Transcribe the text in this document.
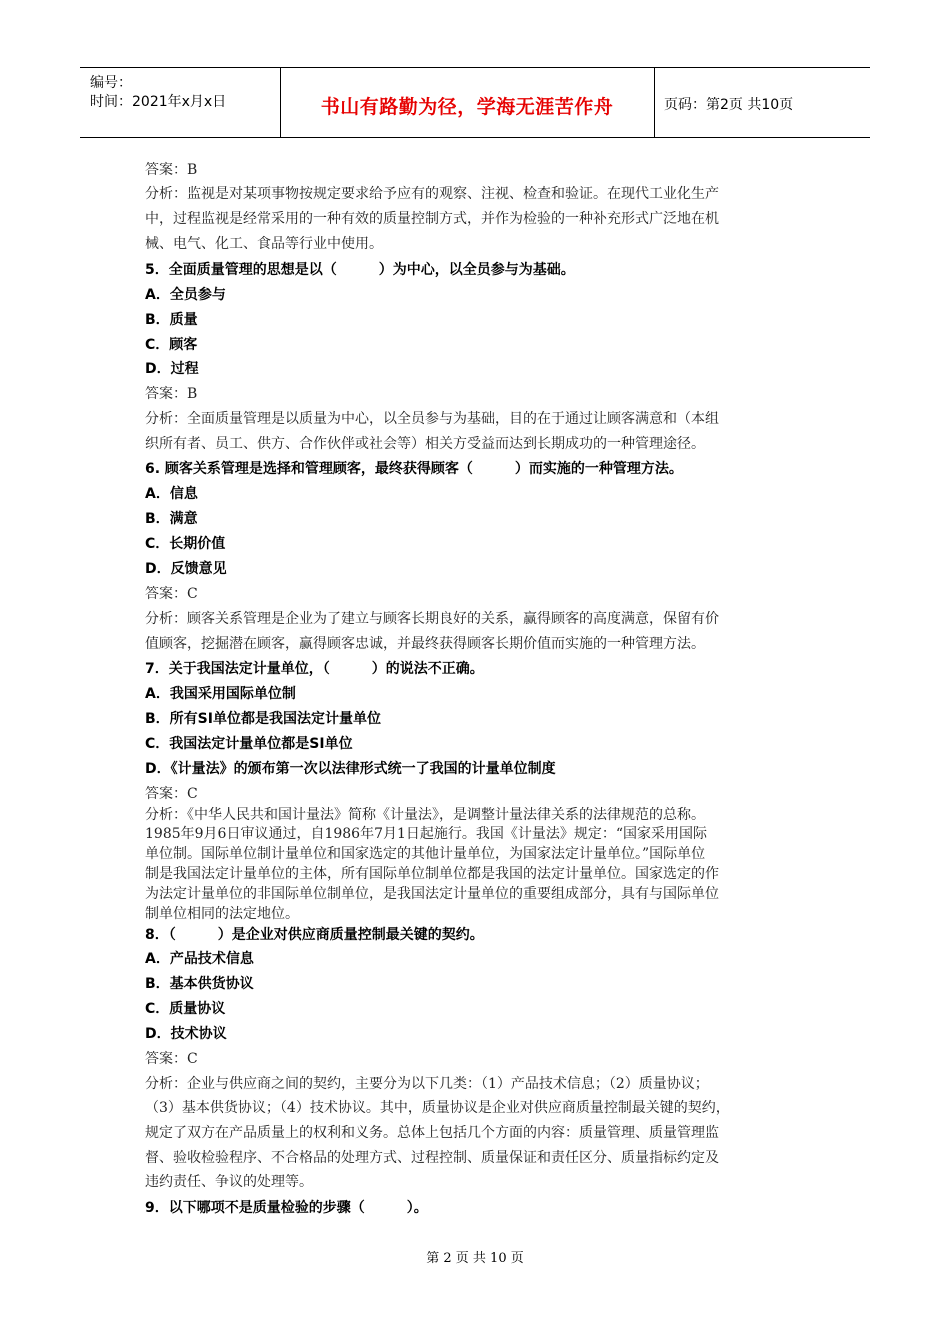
编号：
时间：2021年x月x日	书山有路勤为径，学海无涯苦作舟	页码：第2页 共10页
答案：B
分析：监视是对某项事物按规定要求给予应有的观察、注视、检查和验证。在现代工业化生产
中，过程监视是经常采用的一种有效的质量控制方式，并作为检验的一种补充形式广泛地在机
械、电气、化工、食品等行业中使用。
5．全面质量管理的思想是以（　　　）为中心，以全员参与为基础。
A．全员参与
B．质量
C．顾客
D．过程
答案：B
分析：全面质量管理是以质量为中心，以全员参与为基础，目的在于通过让顾客满意和（本组
织所有者、员工、供方、合作伙伴或社会等）相关方受益而达到长期成功的一种管理途径。
6. 顾客关系管理是选择和管理顾客，最终获得顾客（　　　）而实施的一种管理方法。
A．信息
B．满意
C．长期价值
D．反馈意见
答案：C
分析：顾客关系管理是企业为了建立与顾客长期良好的关系，赢得顾客的高度满意，保留有价
值顾客，挖掘潜在顾客，赢得顾客忠诚，并最终获得顾客长期价值而实施的一种管理方法。
7．关于我国法定计量单位，（　　　）的说法不正确。
A．我国采用国际单位制
B．所有SI单位都是我国法定计量单位
C．我国法定计量单位都是SI单位
D．《计量法》的颁布第一次以法律形式统一了我国的计量单位制度
答案：C
分析：《中华人民共和国计量法》简称《计量法》，是调整计量法律关系的法律规范的总称。
1985年9月6日审议通过，自1986年7月1日起施行。我国《计量法》规定：“国家采用国际
单位制。国际单位制计量单位和国家选定的其他计量单位，为国家法定计量单位。”国际单位
制是我国法定计量单位的主体，所有国际单位制单位都是我国的法定计量单位。国家选定的作
为法定计量单位的非国际单位制单位，是我国法定计量单位的重要组成部分，具有与国际单位
制单位相同的法定地位。
8．（　　　）是企业对供应商质量控制最关键的契约。
A．产品技术信息
B．基本供货协议
C．质量协议
D．技术协议
答案：C
分析：企业与供应商之间的契约，主要分为以下几类：（1）产品技术信息；（2）质量协议；
（3）基本供货协议；（4）技术协议。其中，质量协议是企业对供应商质量控制最关键的契约，
规定了双方在产品质量上的权利和义务。总体上包括几个方面的内容：质量管理、质量管理监
督、验收检验程序、不合格品的处理方式、过程控制、质量保证和责任区分、质量指标约定及
违约责任、争议的处理等。
9．以下哪项不是质量检验的步骤（　　　）。
第 2 页 共 10 页
